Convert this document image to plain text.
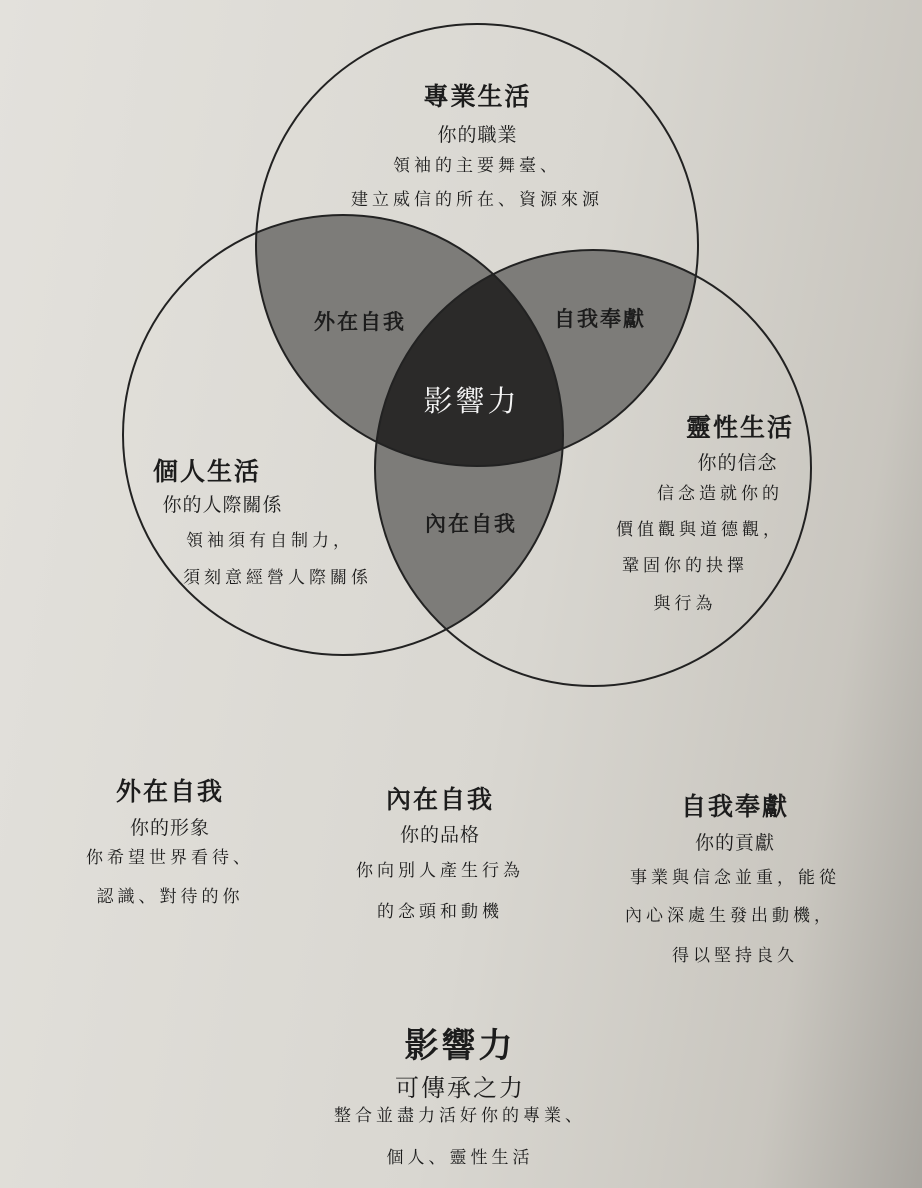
專業生活
你的職業
領袖的主要舞臺、
建立威信的所在、資源來源
外在自我	自我奉獻
內在自我
影響力
個人生活
你的人際關係
領袖須有自制力，
須刻意經營人際關係
靈性生活
你的信念
信念造就你的
價值觀與道德觀，
鞏固你的抉擇
與行為
外在自我
你的形象
你希望世界看待、
認識、對待的你
內在自我
你的品格
你向別人產生行為
的念頭和動機
自我奉獻
你的貢獻
事業與信念並重，能從
內心深處生發出動機，
得以堅持良久
影響力
可傳承之力
整合並盡力活好你的專業、
個人、靈性生活
